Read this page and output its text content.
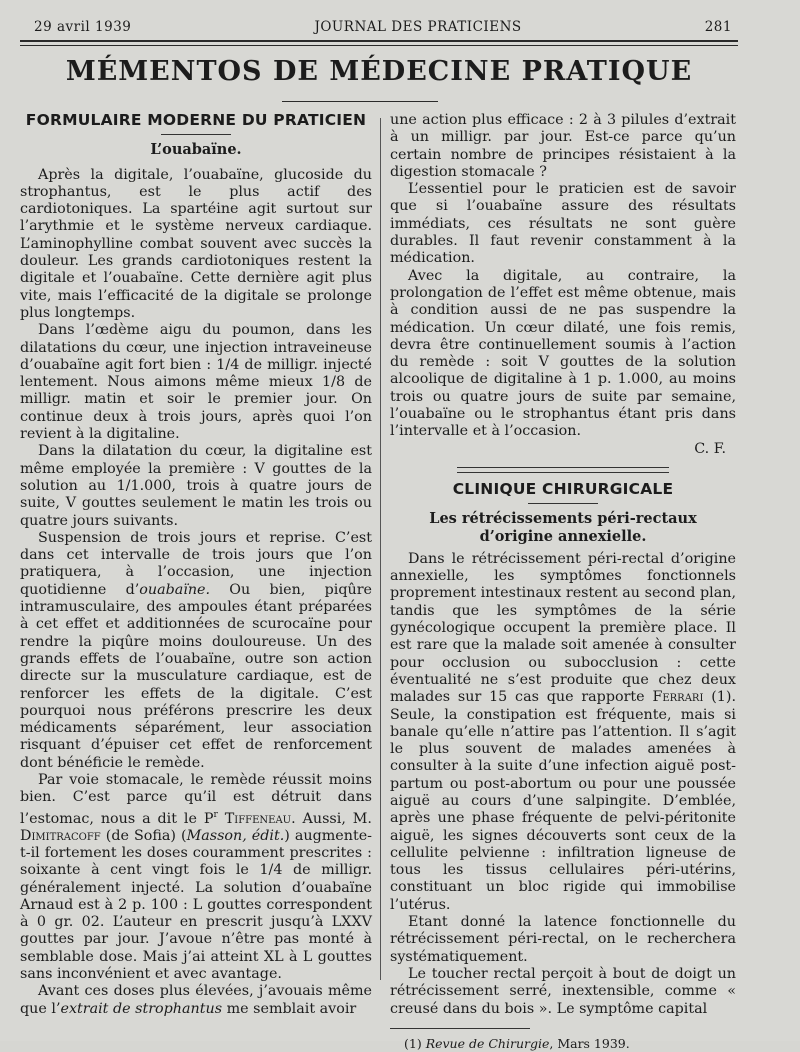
29 avril 1939	JOURNAL DES PRATICIENS	281
MÉMENTOS DE MÉDECINE PRATIQUE
FORMULAIRE MODERNE DU PRATICIEN
L’ouabaïne.

Après la digitale, l’ouabaïne, glucoside du strophantus, est le plus actif des cardiotoniques. La spartéine agit surtout sur l’arythmie et le système nerveux cardiaque. L’aminophylline combat souvent avec succès la douleur. Les grands cardiotoniques restent la digitale et l’ouabaïne. Cette dernière agit plus vite, mais l’efficacité de la digitale se prolonge plus longtemps.

Dans l’œdème aigu du poumon, dans les dilatations du cœur, une injection intraveineuse d’ouabaïne agit fort bien : 1/4 de milligr. injecté lentement. Nous aimons même mieux 1/8 de milligr. matin et soir le premier jour. On continue deux à trois jours, après quoi l’on revient à la digitaline.

Dans la dilatation du cœur, la digitaline est même employée la première : V gouttes de la solution au 1/1.000, trois à quatre jours de suite, V gouttes seulement le matin les trois ou quatre jours suivants.

Suspension de trois jours et reprise. C’est dans cet intervalle de trois jours que l’on pratiquera, à l’occasion, une injection quotidienne d’ouabaïne. Ou bien, piqûre intramusculaire, des ampoules étant préparées à cet effet et additionnées de scurocaïne pour rendre la piqûre moins douloureuse. Un des grands effets de l’ouabaïne, outre son action directe sur la musculature cardiaque, est de renforcer les effets de la digitale. C’est pourquoi nous préférons prescrire les deux médicaments séparément, leur association risquant d’épuiser cet effet de renforcement dont bénéficie le remède.

Par voie stomacale, le remède réussit moins bien. C’est parce qu’il est détruit dans l’estomac, nous a dit le $P^r$ Tiffeneau. Aussi, M. Dimitracoff (de Sofia) (Masson, édit.) augmente-t-il fortement les doses couramment prescrites : soixante à cent vingt fois le 1/4 de milligr. généralement injecté. La solution d’ouabaïne Arnaud est à 2 p. 100 : L gouttes correspondent à 0 gr. 02. L’auteur en prescrit jusqu’à LXXV gouttes par jour. J’avoue n’être pas monté à semblable dose. Mais j’ai atteint XL à L gouttes sans inconvénient et avec avantage.

Avant ces doses plus élevées, j’avouais même que l’extrait de strophantus me semblait avoir

une action plus efficace : 2 à 3 pilules d’extrait à un milligr. par jour. Est-ce parce qu’un certain nombre de principes résistaient à la digestion stomacale ?

L’essentiel pour le praticien est de savoir que si l’ouabaïne assure des résultats immédiats, ces résultats ne sont guère durables. Il faut revenir constamment à la médication.

Avec la digitale, au contraire, la prolongation de l’effet est même obtenue, mais à condition aussi de ne pas suspendre la médication. Un cœur dilaté, une fois remis, devra être continuellement soumis à l’action du remède : soit V gouttes de la solution alcoolique de digitaline à 1 p. 1.000, au moins trois ou quatre jours de suite par semaine, l’ouabaïne ou le strophantus étant pris dans l’intervalle et à l’occasion.

C. F.

CLINIQUE CHIRURGICALE
Les rétrécissements péri-rectaux
d’origine annexielle.

Dans le rétrécissement péri-rectal d’origine annexielle, les symptômes fonctionnels proprement intestinaux restent au second plan, tandis que les symptômes de la série gynécologique occupent la première place. Il est rare que la malade soit amenée à consulter pour occlusion ou subocclusion : cette éventualité ne s’est produite que chez deux malades sur 15 cas que rapporte Ferrari (1). Seule, la constipation est fréquente, mais si banale qu’elle n’attire pas l’attention. Il s’agit le plus souvent de malades amenées à consulter à la suite d’une infection aiguë post-partum ou post-abortum ou pour une poussée aiguë au cours d’une salpingite. D’emblée, après une phase fréquente de pelvi-péritonite aiguë, les signes découverts sont ceux de la cellulite pelvienne : infiltration ligneuse de tous les tissus cellulaires péri-utérins, constituant un bloc rigide qui immobilise l’utérus.

Etant donné la latence fonctionnelle du rétrécissement péri-rectal, on le recherchera systématiquement.

Le toucher rectal perçoit à bout de doigt un rétrécissement serré, inextensible, comme « creusé dans du bois ». Le symptôme capital

(1) Revue de Chirurgie, Mars 1939.
